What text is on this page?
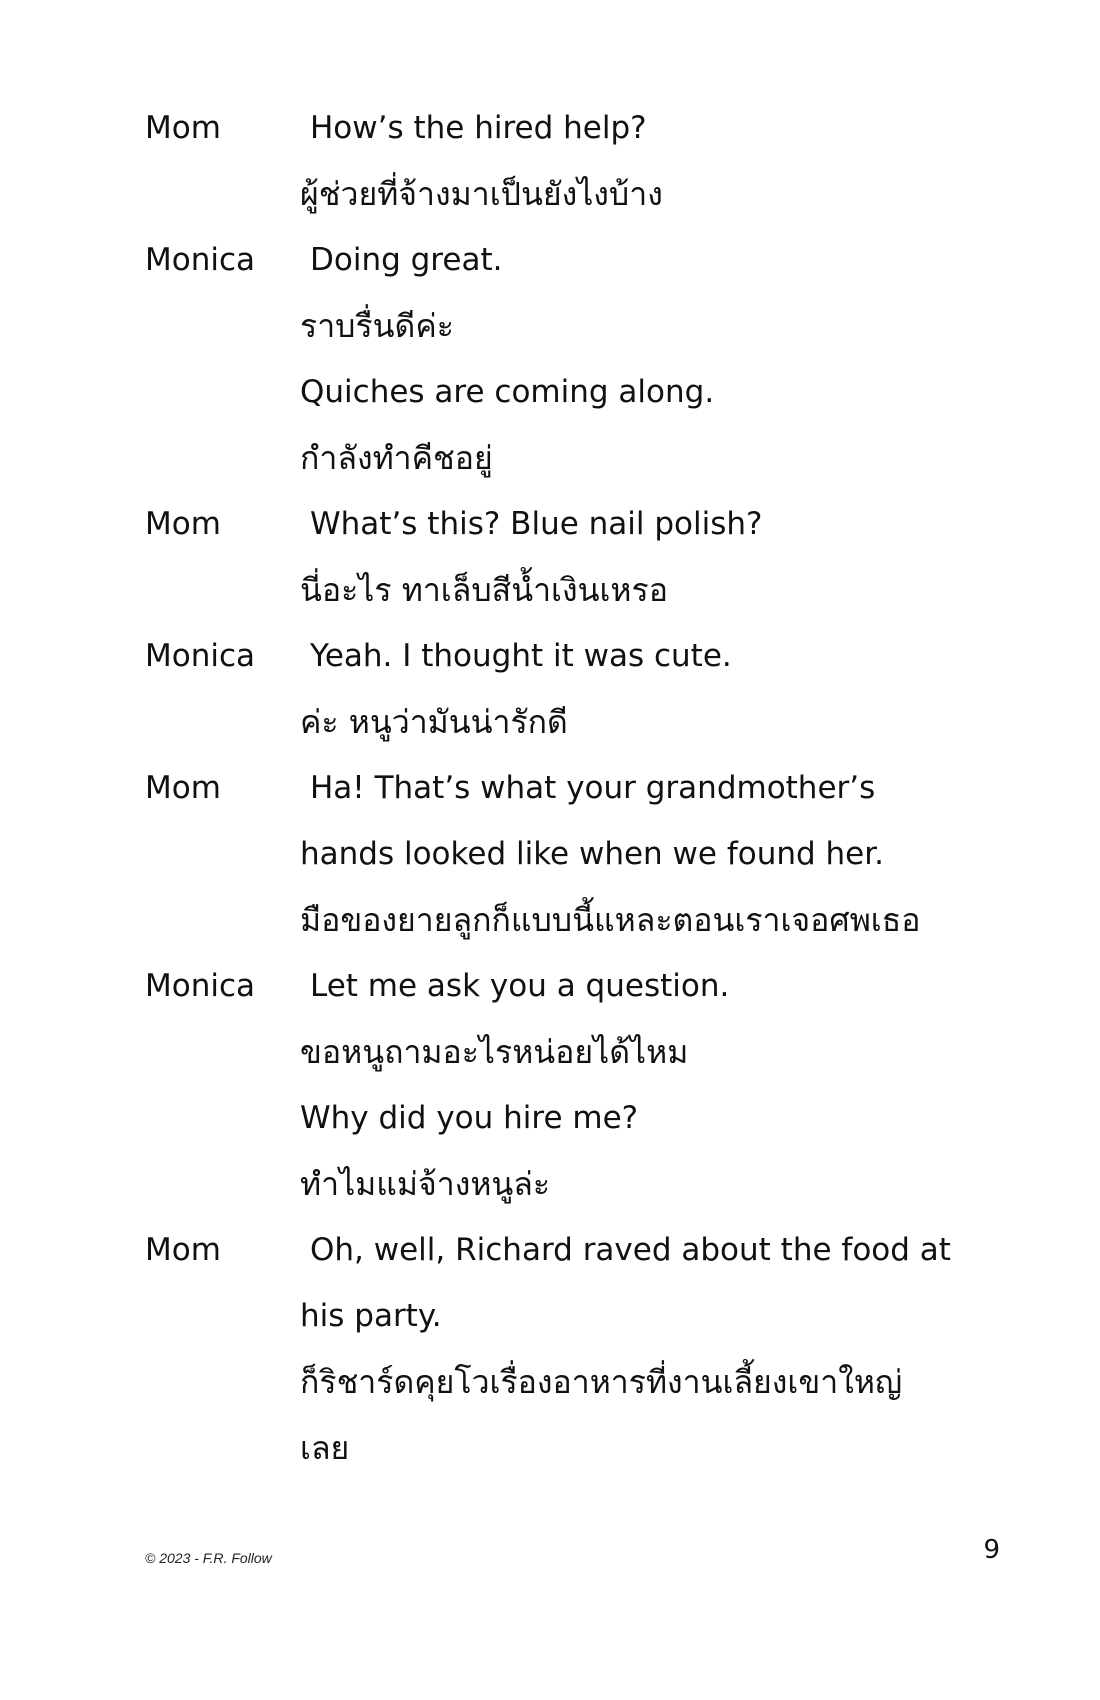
Mom	How’s the hired help?
ผู้ช่วยที่จ้างมาเป็นยังไงบ้าง
Monica	Doing great.
ราบรื่นดีค่ะ
Quiches are coming along.
กำลังทำคีชอยู่
Mom	What’s this? Blue nail polish?
นี่อะไร ทาเล็บสีน้ำเงินเหรอ
Monica	Yeah. I thought it was cute.
ค่ะ หนูว่ามันน่ารักดี
Mom	Ha! That’s what your grandmother’s
hands looked like when we found her.
มือของยายลูกก็แบบนี้แหละตอนเราเจอศพเธอ
Monica	Let me ask you a question.
ขอหนูถามอะไรหน่อยได้ไหม
Why did you hire me?
ทำไมแม่จ้างหนูล่ะ
Mom	Oh, well, Richard raved about the food at
his party.
ก็ริชาร์ดคุยโวเรื่องอาหารที่งานเลี้ยงเขาใหญ่
เลย
© 2023 - F.R. Follow	9
